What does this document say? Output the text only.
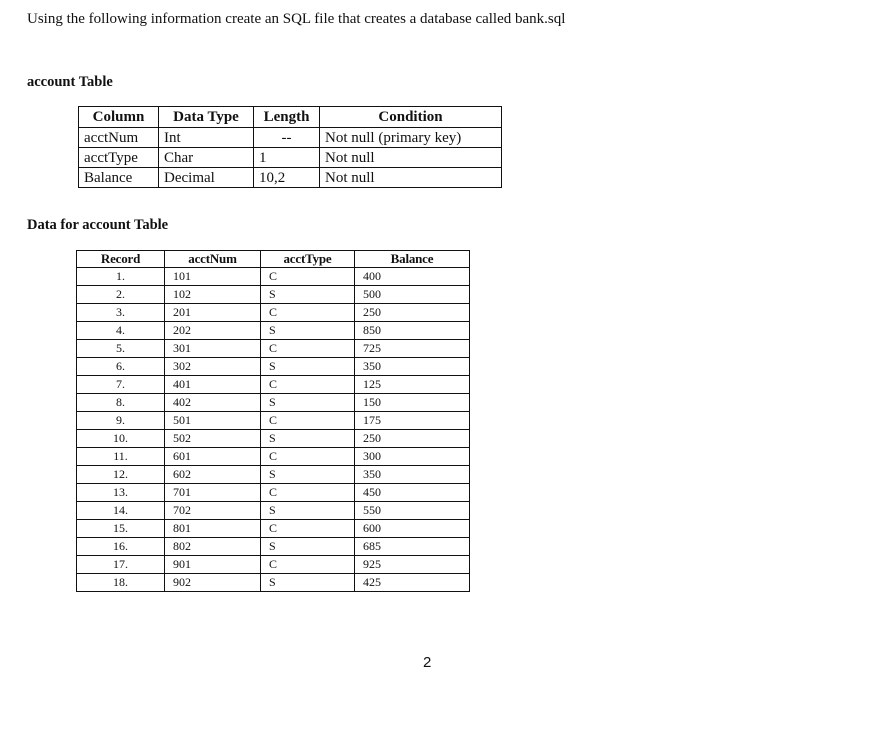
Using the following information create an SQL file that creates a database called bank.sql
account Table
Column	Data Type	Length	Condition
acctNum	Int	--	Not null (primary key)
acctType	Char	1	Not null
Balance	Decimal	10,2	Not null
Data for account Table
Record	acctNum	acctType	Balance
1.	101	C	400
2.	102	S	500
3.	201	C	250
4.	202	S	850
5.	301	C	725
6.	302	S	350
7.	401	C	125
8.	402	S	150
9.	501	C	175
10.	502	S	250
11.	601	C	300
12.	602	S	350
13.	701	C	450
14.	702	S	550
15.	801	C	600
16.	802	S	685
17.	901	C	925
18.	902	S	425
2
